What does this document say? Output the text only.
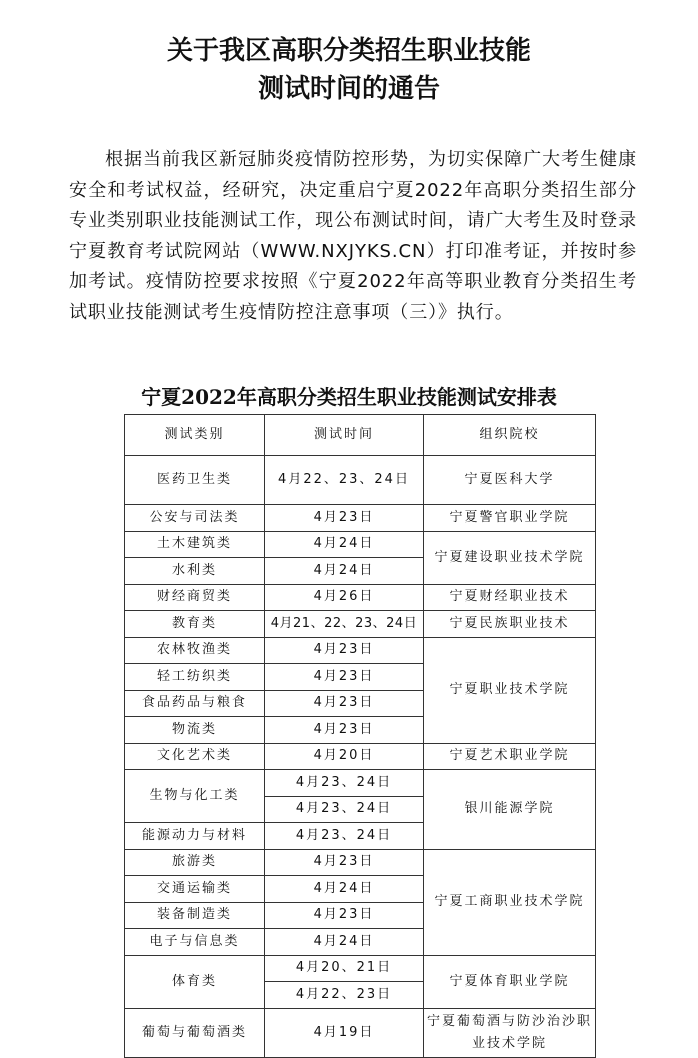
关于我区高职分类招生职业技能
测试时间的通告

根据当前我区新冠肺炎疫情防控形势，为切实保障广大考生健康安全和考试权益，经研究，决定重启宁夏2022年高职分类招生部分专业类别职业技能测试工作，现公布测试时间，请广大考生及时登录宁夏教育考试院网站（WWW.NXJYKS.CN）打印准考证，并按时参加考试。疫情防控要求按照《宁夏2022年高等职业教育分类招生考试职业技能测试考生疫情防控注意事项（三）》执行。

宁夏2022年高职分类招生职业技能测试安排表
测试类别	测试时间	组织院校
医药卫生类	4月22、23、24日	宁夏医科大学
公安与司法类	4月23日	宁夏警官职业学院
土木建筑类	4月24日	宁夏建设职业技术学院
水利类	4月24日	
财经商贸类	4月26日	宁夏财经职业技术
教育类	4月21、22、23、24日	宁夏民族职业技术
农林牧渔类	4月23日	宁夏职业技术学院
轻工纺织类	4月23日	
食品药品与粮食	4月23日	
物流类	4月23日	
文化艺术类	4月20日	宁夏艺术职业学院
生物与化工类	4月23、24日	银川能源学院
	4月23、24日	
能源动力与材料	4月23、24日	
旅游类	4月23日	宁夏工商职业技术学院
交通运输类	4月24日	
装备制造类	4月23日	
电子与信息类	4月24日	
体育类	4月20、21日	宁夏体育职业学院
	4月22、23日	
葡萄与葡萄酒类	4月19日	宁夏葡萄酒与防沙治沙职业技术学院
